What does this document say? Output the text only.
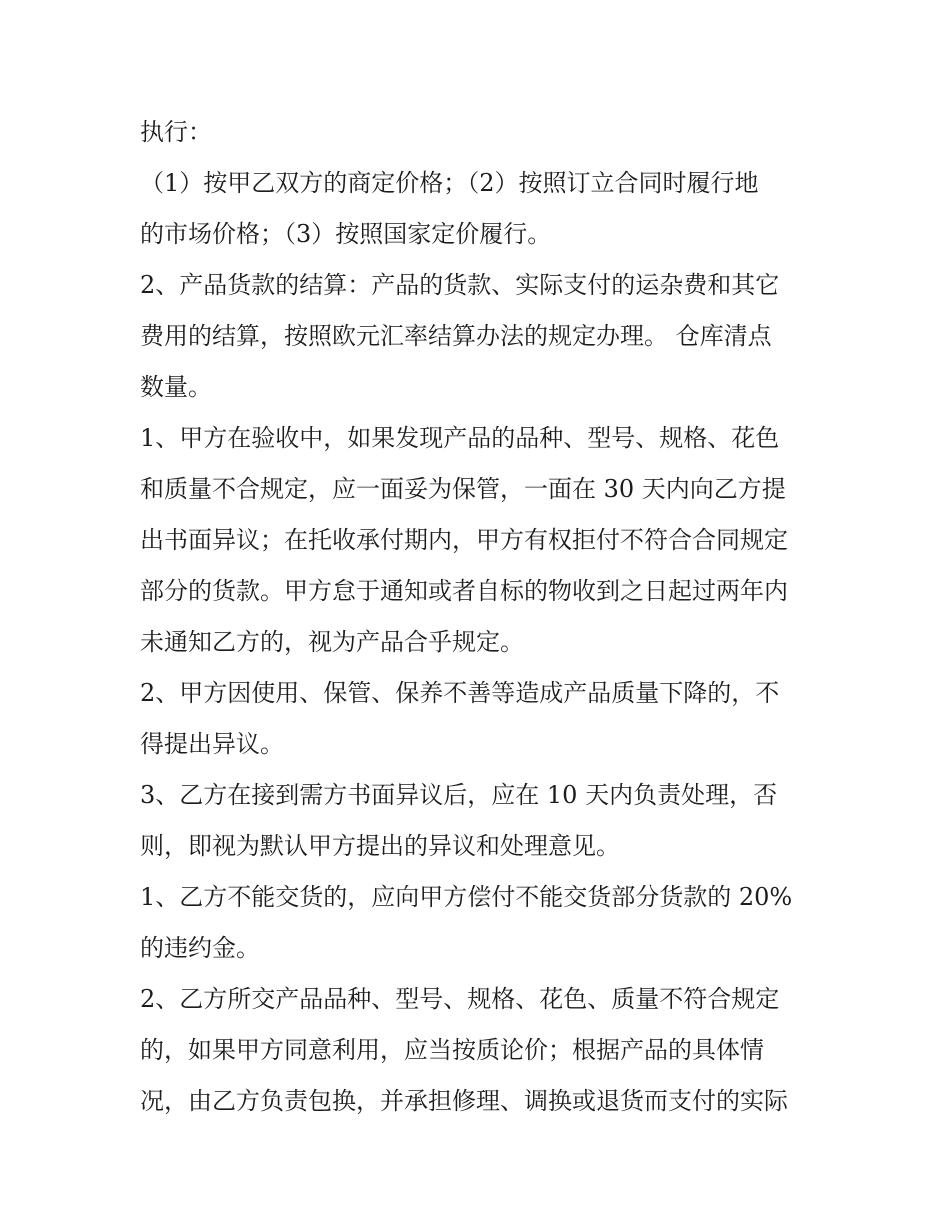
执行：
（1）按甲乙双方的商定价格；（2）按照订立合同时履行地
的市场价格；（3）按照国家定价履行。
2、产品货款的结算：产品的货款、实际支付的运杂费和其它
费用的结算，按照欧元汇率结算办法的规定办理。 仓库清点
数量。
1、甲方在验收中，如果发现产品的品种、型号、规格、花色
和质量不合规定，应一面妥为保管，一面在 30 天内向乙方提
出书面异议；在托收承付期内，甲方有权拒付不符合合同规定
部分的货款。甲方怠于通知或者自标的物收到之日起过两年内
未通知乙方的，视为产品合乎规定。
2、甲方因使用、保管、保养不善等造成产品质量下降的，不
得提出异议。
3、乙方在接到需方书面异议后，应在 10 天内负责处理，否
则，即视为默认甲方提出的异议和处理意见。
1、乙方不能交货的，应向甲方偿付不能交货部分货款的 20%
的违约金。
2、乙方所交产品品种、型号、规格、花色、质量不符合规定
的，如果甲方同意利用，应当按质论价；根据产品的具体情
况，由乙方负责包换，并承担修理、调换或退货而支付的实际
